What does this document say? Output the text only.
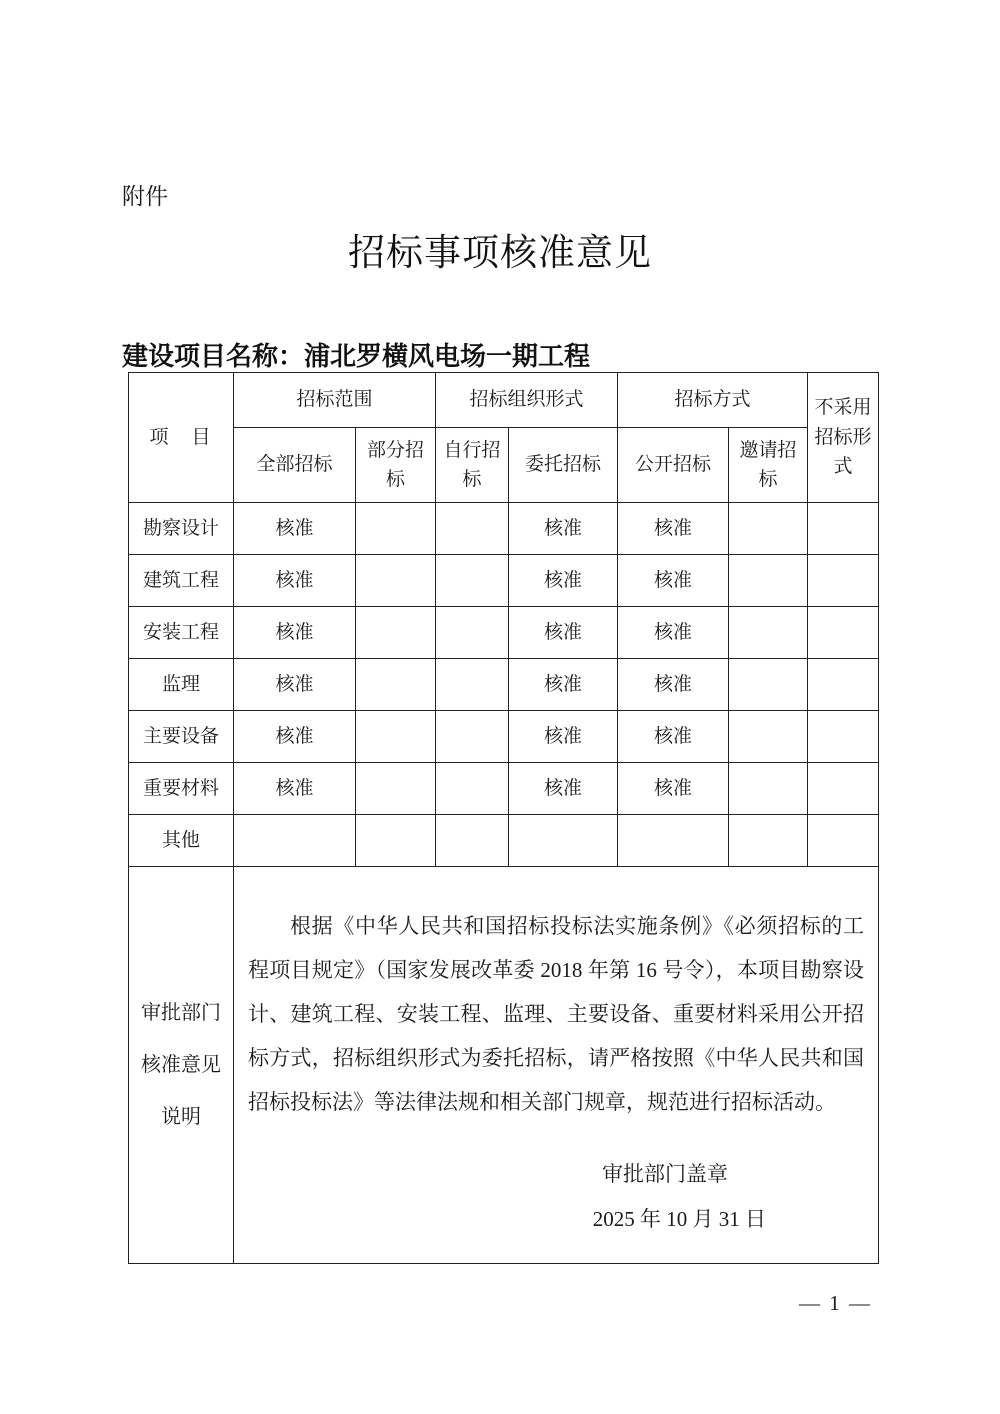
附件
招标事项核准意见
建设项目名称：浦北罗横风电场一期工程
项　目	招标范围		招标组织形式		招标方式		不采用招标形式
	全部招标	部分招标	自行招标	委托招标	公开招标	邀请招标	
勘察设计	核准			核准	核准		
建筑工程	核准			核准	核准		
安装工程	核准			核准	核准		
监理	核准			核准	核准		
主要设备	核准			核准	核准		
重要材料	核准			核准	核准		
其他							

审批部门
核准意见
说明

根据《中华人民共和国招标投标法实施条例》《必须招标的工程项目规定》（国家发展改革委 2018 年第 16 号令），本项目勘察设计、建筑工程、安装工程、监理、主要设备、重要材料采用公开招标方式，招标组织形式为委托招标，请严格按照《中华人民共和国招标投标法》等法律法规和相关部门规章，规范进行招标活动。

审批部门盖章
2025 年 10 月 31 日
— 1 —
